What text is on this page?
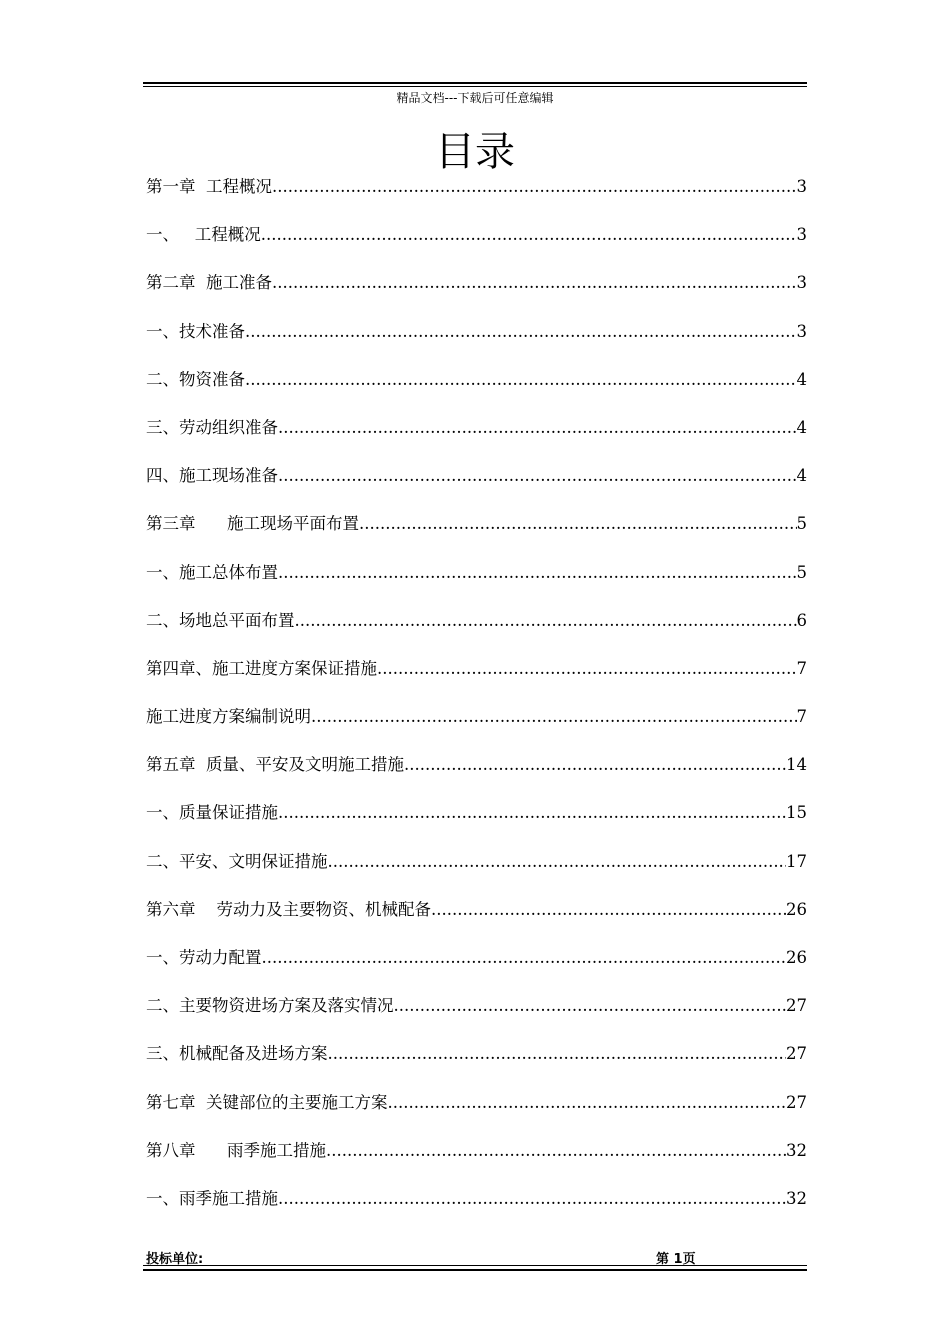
精品文档---下载后可任意编辑
目录
第一章  工程概况 .....	3
一、   工程概况 .....	3
第二章  施工准备 .....	3
一、技术准备 .....	3
二、物资准备 .....	4
三、劳动组织准备 .....	4
四、施工现场准备 .....	4
第三章      施工现场平面布置 .....	5
一、施工总体布置 .....	5
二、场地总平面布置 .....	6
第四章、施工进度方案保证措施 .....	7
施工进度方案编制说明 .....	7
第五章  质量、平安及文明施工措施 .....	14
一、质量保证措施 .....	15
二、平安、文明保证措施 .....	17
第六章    劳动力及主要物资、机械配备 .....	26
一、劳动力配置 .....	26
二、主要物资进场方案及落实情况 .....	27
三、机械配备及进场方案 .....	27
第七章  关键部位的主要施工方案 .....	27
第八章      雨季施工措施 .....	32
一、雨季施工措施 .....	32
投标单位:	第 1页
